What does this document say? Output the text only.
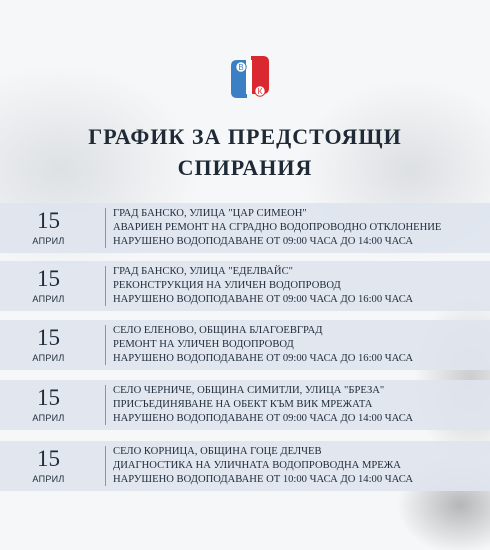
В
К
ГРАФИК ЗА ПРЕДСТОЯЩИ
СПИРАНИЯ
15
АПРИЛ
ГРАД БАНСКО, УЛИЦА "ЦАР СИМЕОН"
АВАРИЕН РЕМОНТ НА СГРАДНО ВОДОПРОВОДНО ОТКЛОНЕНИЕ
НАРУШЕНО ВОДОПОДАВАНЕ ОТ 09:00 ЧАСА ДО 14:00 ЧАСА
15
АПРИЛ
ГРАД БАНСКО, УЛИЦА "ЕДЕЛВАЙС"
РЕКОНСТРУКЦИЯ НА УЛИЧЕН ВОДОПРОВОД
НАРУШЕНО ВОДОПОДАВАНЕ ОТ 09:00 ЧАСА ДО 16:00 ЧАСА
15
АПРИЛ
СЕЛО ЕЛЕНОВО, ОБЩИНА БЛАГОЕВГРАД
РЕМОНТ НА УЛИЧЕН ВОДОПРОВОД
НАРУШЕНО ВОДОПОДАВАНЕ ОТ 09:00 ЧАСА ДО 16:00 ЧАСА
15
АПРИЛ
СЕЛО ЧЕРНИЧЕ, ОБЩИНА СИМИТЛИ, УЛИЦА "БРЕЗА"
ПРИСЪЕДИНЯВАНЕ НА ОБЕКТ КЪМ ВИК МРЕЖАТА
НАРУШЕНО ВОДОПОДАВАНЕ ОТ 09:00 ЧАСА ДО 14:00 ЧАСА
15
АПРИЛ
СЕЛО КОРНИЦА, ОБЩИНА ГОЦЕ ДЕЛЧЕВ
ДИАГНОСТИКА НА УЛИЧНАТА ВОДОПРОВОДНА МРЕЖА
НАРУШЕНО ВОДОПОДАВАНЕ ОТ 10:00 ЧАСА ДО 14:00 ЧАСА
